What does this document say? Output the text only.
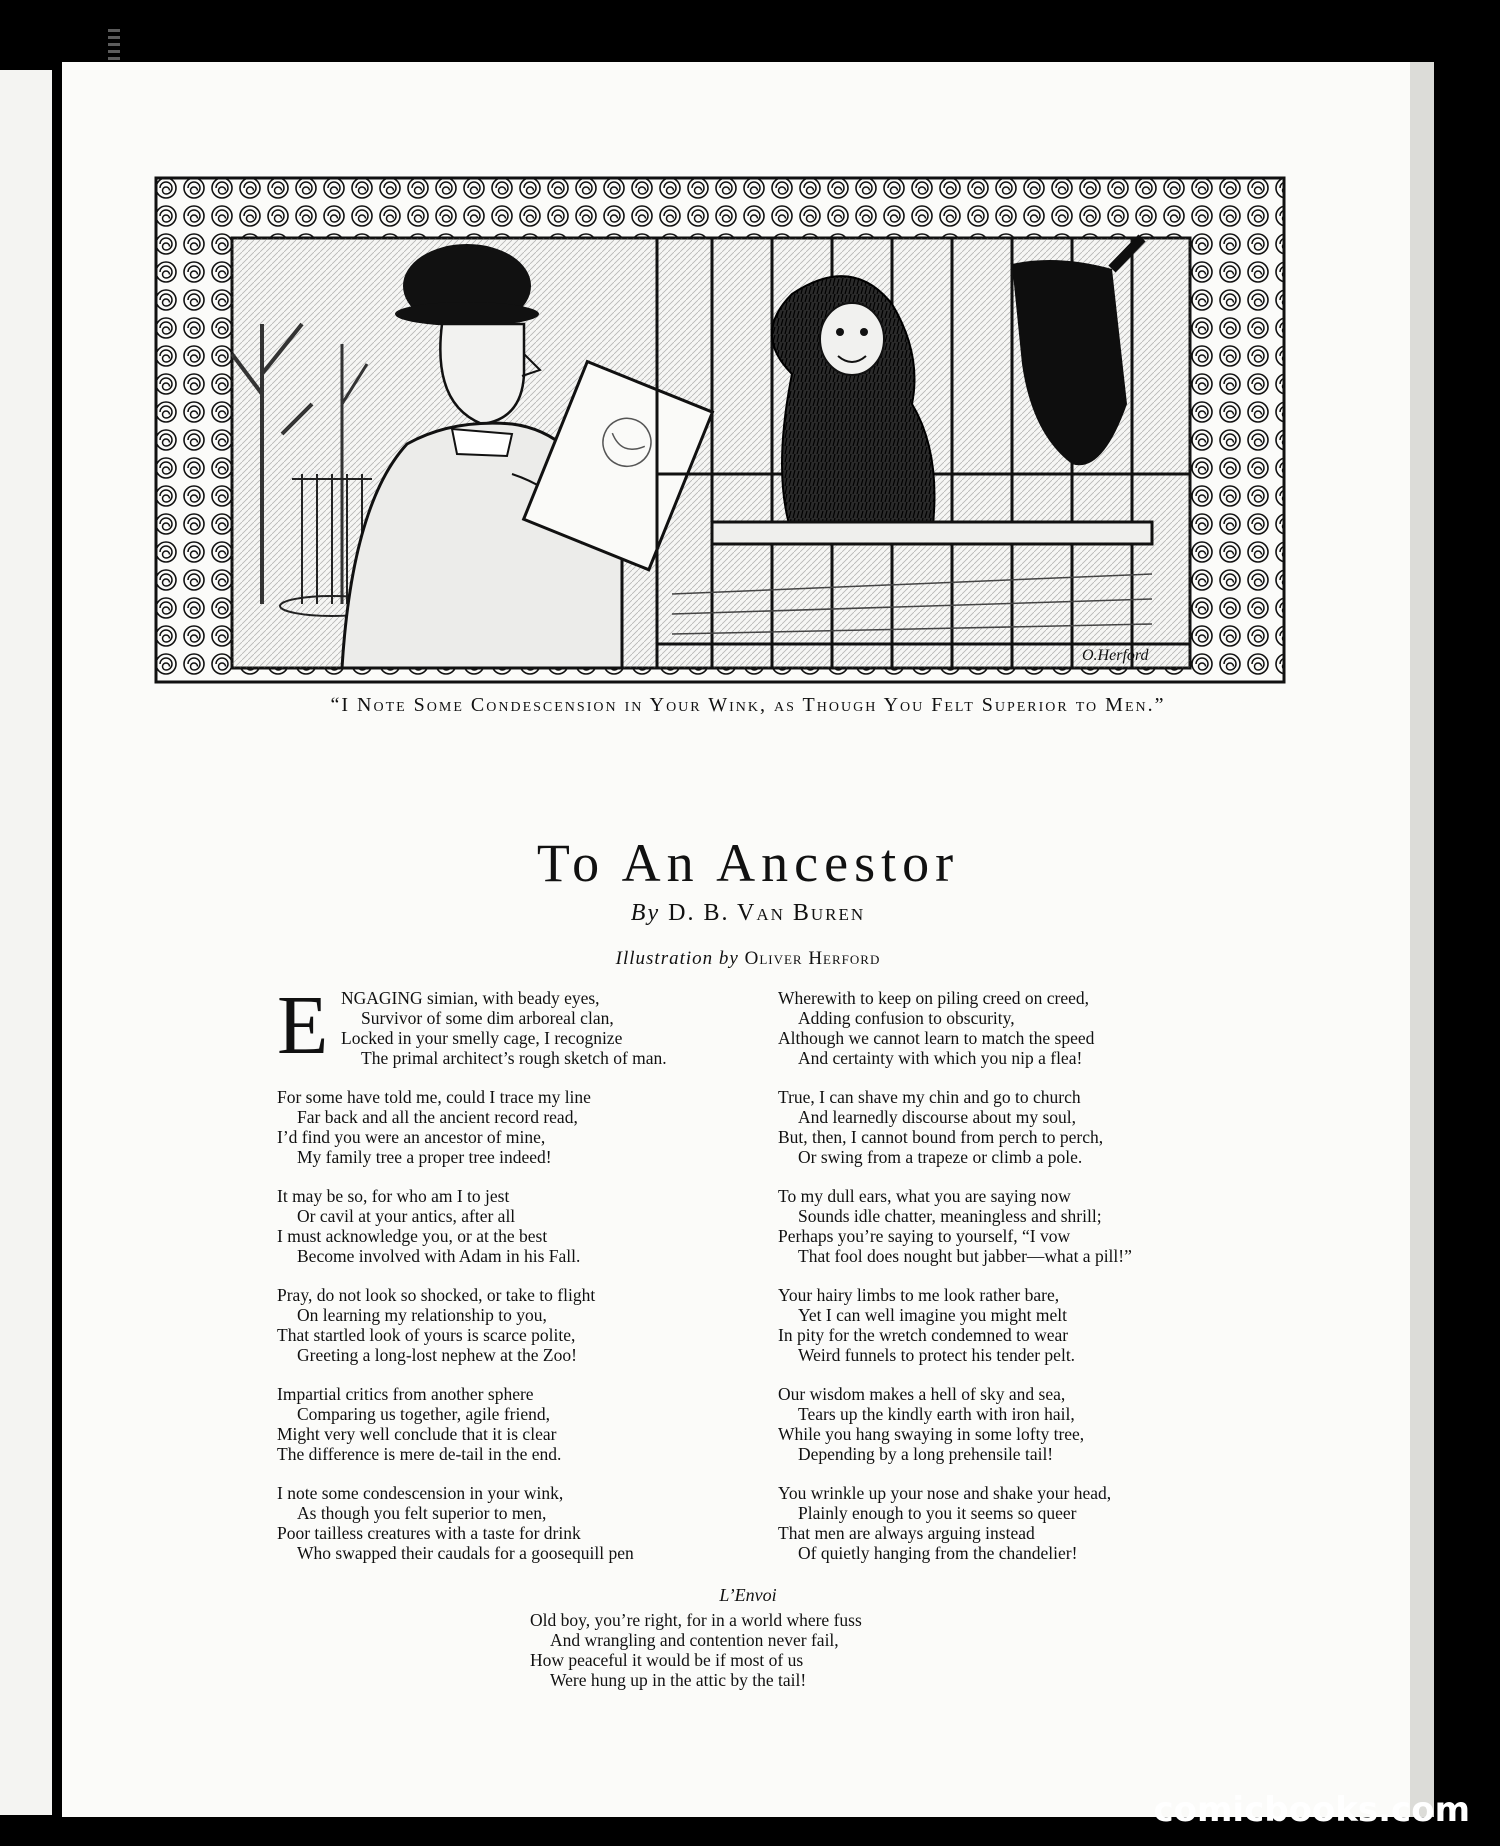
O.Herford
“I Note Some Condescension in Your Wink, as Though You Felt Superior to Men.”
To An Ancestor
By D. B. Van Buren
Illustration by Oliver Herford
E NGAGING simian, with beady eyes,
Survivor of some dim arboreal clan,
Locked in your smelly cage, I recognize
The primal architect’s rough sketch of man.
For some have told me, could I trace my line
Far back and all the ancient record read,
I’d find you were an ancestor of mine,
My family tree a proper tree indeed!
It may be so, for who am I to jest
Or cavil at your antics, after all
I must acknowledge you, or at the best
Become involved with Adam in his Fall.
Pray, do not look so shocked, or take to flight
On learning my relationship to you,
That startled look of yours is scarce polite,
Greeting a long-lost nephew at the Zoo!
Impartial critics from another sphere
Comparing us together, agile friend,
Might very well conclude that it is clear
The difference is mere de-tail in the end.
I note some condescension in your wink,
As though you felt superior to men,
Poor tailless creatures with a taste for drink
Who swapped their caudals for a goosequill pen
Wherewith to keep on piling creed on creed,
Adding confusion to obscurity,
Although we cannot learn to match the speed
And certainty with which you nip a flea!
True, I can shave my chin and go to church
And learnedly discourse about my soul,
But, then, I cannot bound from perch to perch,
Or swing from a trapeze or climb a pole.
To my dull ears, what you are saying now
Sounds idle chatter, meaningless and shrill;
Perhaps you’re saying to yourself, “I vow
That fool does nought but jabber—what a pill!”
Your hairy limbs to me look rather bare,
Yet I can well imagine you might melt
In pity for the wretch condemned to wear
Weird funnels to protect his tender pelt.
Our wisdom makes a hell of sky and sea,
Tears up the kindly earth with iron hail,
While you hang swaying in some lofty tree,
Depending by a long prehensile tail!
You wrinkle up your nose and shake your head,
Plainly enough to you it seems so queer
That men are always arguing instead
Of quietly hanging from the chandelier!
L’Envoi
Old boy, you’re right, for in a world where fuss
And wrangling and contention never fail,
How peaceful it would be if most of us
Were hung up in the attic by the tail!
comicbooks.com
